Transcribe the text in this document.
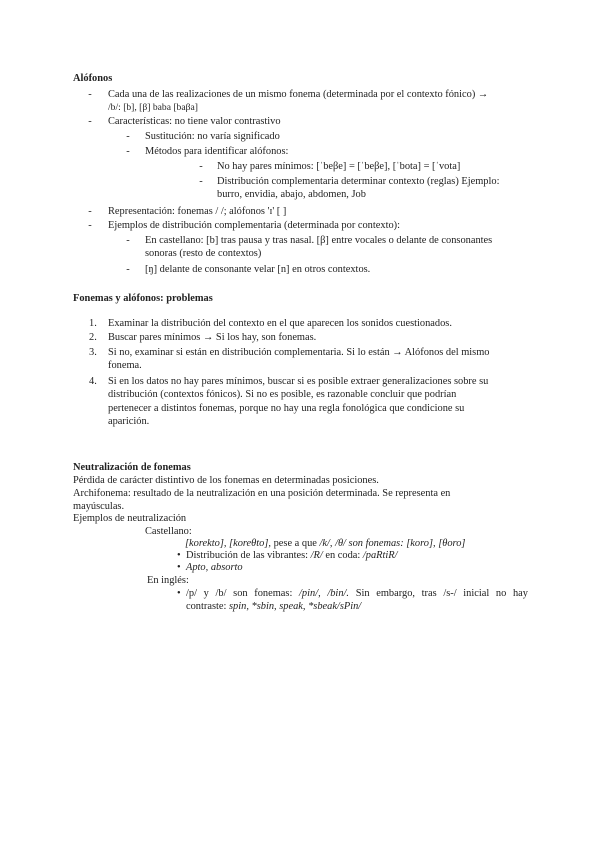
Alófonos
-	Cada una de las realizaciones de un mismo fonema (determinada por el contexto fónico) →
/b/: [b], [β] baba [baβa]
-	Características: no tiene valor contrastivo
-	Sustitución: no varía significado
-	Métodos para identificar alófonos:
-	No hay pares mínimos: [ˈbeβe] = [ˈbeβe], [ˈbota] = [ˈvota]
-	Distribución complementaria determinar contexto (reglas) Ejemplo:
burro, envidia, abajo, abdomen, Job
-	Representación: fonemas / /; alófonos 'ɪ' [ ]
-	Ejemplos de distribución complementaria (determinada por contexto):
-	En castellano: [b] tras pausa y tras nasal. [β] entre vocales o delante de consonantes
sonoras (resto de contextos)
-	[ŋ] delante de consonante velar [n] en otros contextos.
Fonemas y alófonos: problemas
1. Examinar la distribución del contexto en el que aparecen los sonidos cuestionados.
2. Buscar pares mínimos → Si los hay, son fonemas.
3. Si no, examinar si están en distribución complementaria. Si lo están → Alófonos del mismo
fonema.
4. Si en los datos no hay pares mínimos, buscar si es posible extraer generalizaciones sobre su
distribución (contextos fónicos). Si no es posible, es razonable concluir que podrían
pertenecer a distintos fonemas, porque no hay una regla fonológica que condicione su
aparición.
Neutralización de fonemas
Pérdida de carácter distintivo de los fonemas en determinadas posiciones.
Archifonema: resultado de la neutralización en una posición determinada. Se representa en
mayúsculas.
Ejemplos de neutralización
Castellano:
[korekto], [koreθto], pese a que /k/, /θ/ son fonemas: [koro], [θoro]
• Distribución de las vibrantes: /R/ en coda: /paRtiR/
• Apto, absorto
En inglés:
• /p/ y /b/ son fonemas: /pin/, /bin/. Sin embargo, tras /s-/ inicial no hay
contraste: spin, *sbin, speak, *sbeak/sPin/
